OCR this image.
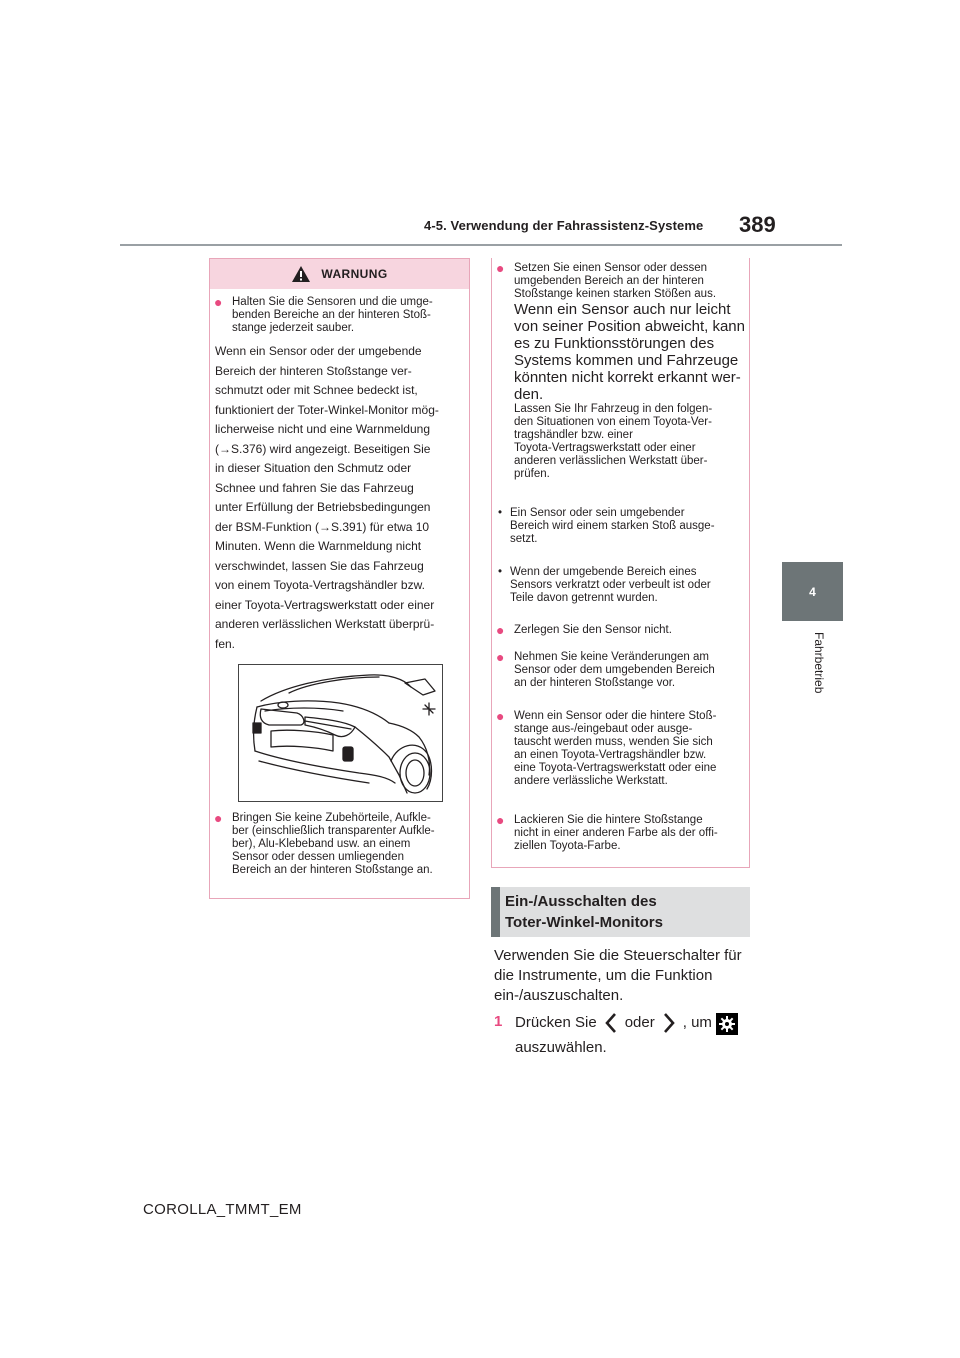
4-5. Verwendung der Fahrassistenz-Systeme 389
4
Fahrbetrieb
WARNUNG
● Halten Sie die Sensoren und die umge-
benden Bereiche an der hinteren Stoß-
stange jederzeit sauber.
Wenn ein Sensor oder der umgebende
Bereich der hinteren Stoßstange ver-
schmutzt oder mit Schnee bedeckt ist,
funktioniert der Toter-Winkel-Monitor mög-
licherweise nicht und eine Warnmeldung
(→S.376) wird angezeigt. Beseitigen Sie
in dieser Situation den Schmutz oder
Schnee und fahren Sie das Fahrzeug
unter Erfüllung der Betriebsbedingungen
der BSM-Funktion (→S.391) für etwa 10
Minuten. Wenn die Warnmeldung nicht
verschwindet, lassen Sie das Fahrzeug
von einem Toyota-Vertragshändler bzw.
einer Toyota-Vertragswerkstatt oder einer
anderen verlässlichen Werkstatt überprü-
fen.
● Bringen Sie keine Zubehörteile, Aufkle-
ber (einschließlich transparenter Aufkle-
ber), Alu-Klebeband usw. an einem
Sensor oder dessen umliegenden
Bereich an der hinteren Stoßstange an.
● Setzen Sie einen Sensor oder dessen
umgebenden Bereich an der hinteren
Stoßstange keinen starken Stößen aus.
Wenn ein Sensor auch nur leicht
von seiner Position abweicht, kann
es zu Funktionsstörungen des
Systems kommen und Fahrzeuge
könnten nicht korrekt erkannt wer-
den.
Lassen Sie Ihr Fahrzeug in den folgen-
den Situationen von einem Toyota-Ver-
tragshändler bzw. einer
Toyota-Vertragswerkstatt oder einer
anderen verlässlichen Werkstatt über-
prüfen.
• Ein Sensor oder sein umgebender
Bereich wird einem starken Stoß ausge-
setzt.
• Wenn der umgebende Bereich eines
Sensors verkratzt oder verbeult ist oder
Teile davon getrennt wurden.
● Zerlegen Sie den Sensor nicht.
● Nehmen Sie keine Veränderungen am
Sensor oder dem umgebenden Bereich
an der hinteren Stoßstange vor.
● Wenn ein Sensor oder die hintere Stoß-
stange aus-/eingebaut oder ausge-
tauscht werden muss, wenden Sie sich
an einen Toyota-Vertragshändler bzw.
eine Toyota-Vertragswerkstatt oder eine
andere verlässliche Werkstatt.
● Lackieren Sie die hintere Stoßstange
nicht in einer anderen Farbe als der offi-
ziellen Toyota-Farbe.
Ein-/Ausschalten des
Toter-Winkel-Monitors
Verwenden Sie die Steuerschalter für
die Instrumente, um die Funktion
ein-/auszuschalten.
1 Drücken Sie oder , um
auszuwählen.
COROLLA_TMMT_EM
